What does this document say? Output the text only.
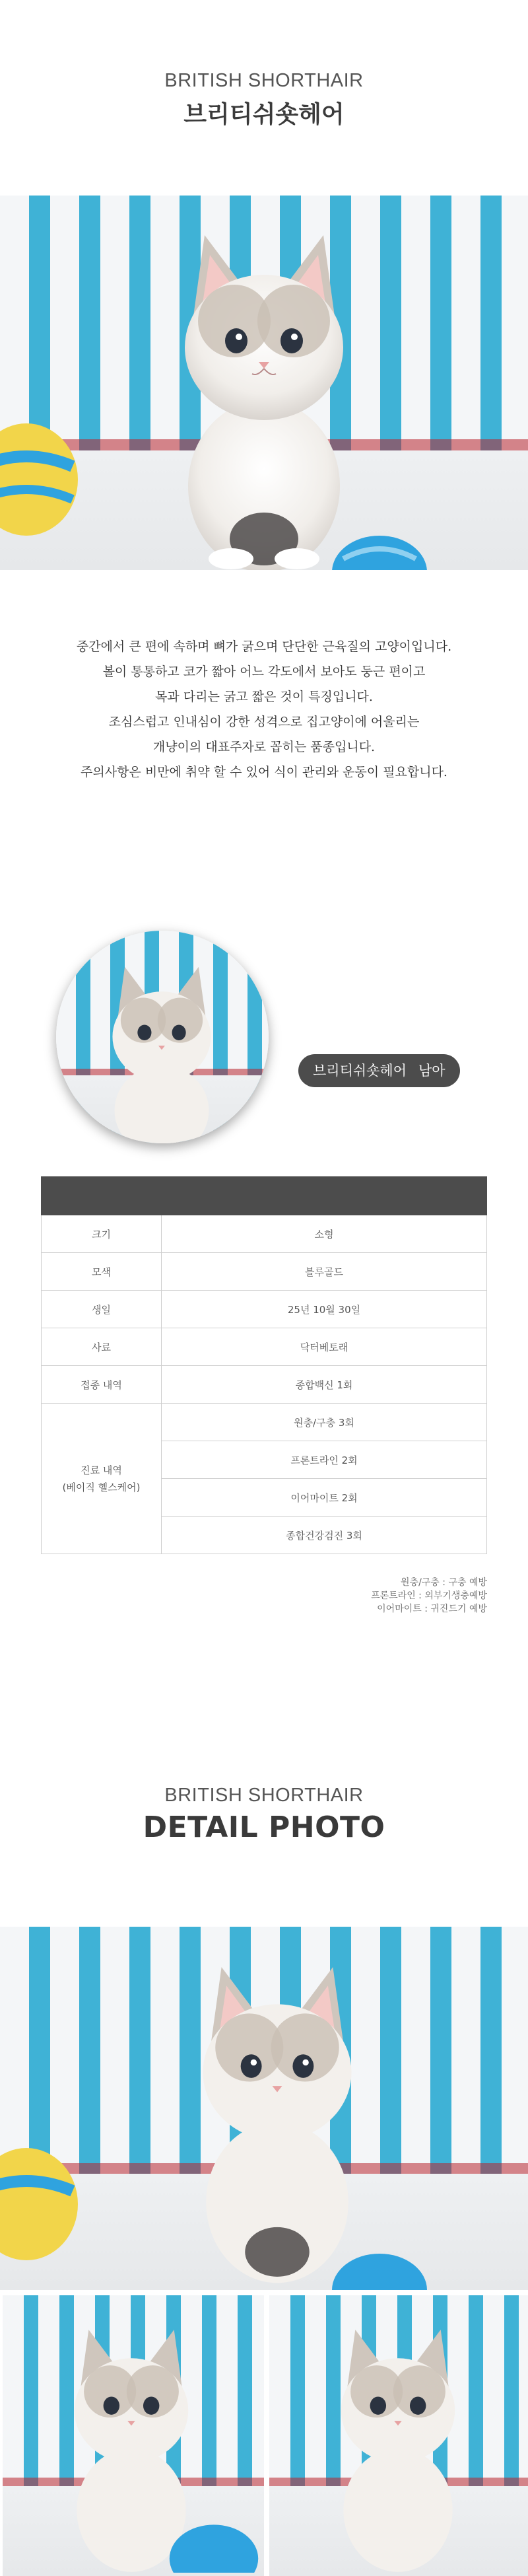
BRITISH SHORTHAIR
브리티쉬숏헤어
중간에서 큰 편에 속하며 뼈가 굵으며 단단한 근육질의 고양이입니다.
볼이 통통하고 코가 짧아 어느 각도에서 보아도 둥근 편이고
목과 다리는 굵고 짧은 것이 특징입니다.
조심스럽고 인내심이 강한 성격으로 집고양이에 어울리는
개냥이의 대표주자로 꼽히는 품종입니다.
주의사항은 비만에 취약 할 수 있어 식이 관리와 운동이 필요합니다.
브리티쉬숏헤어 남아

크기	소형
모색	블루골드
생일	25년 10월 30일
사료	닥터베토래
접종 내역	종합백신 1회

진료 내역
(베이직 헬스케어)	원충/구충 3회
	프론트라인 2회
	이어마이트 2회
	종합건강검진 3회
원충/구충 : 구충 예방
프론트라인 : 외부기생충예방
이어마이트 : 귀진드기 예방
BRITISH SHORTHAIR
DETAIL PHOTO
